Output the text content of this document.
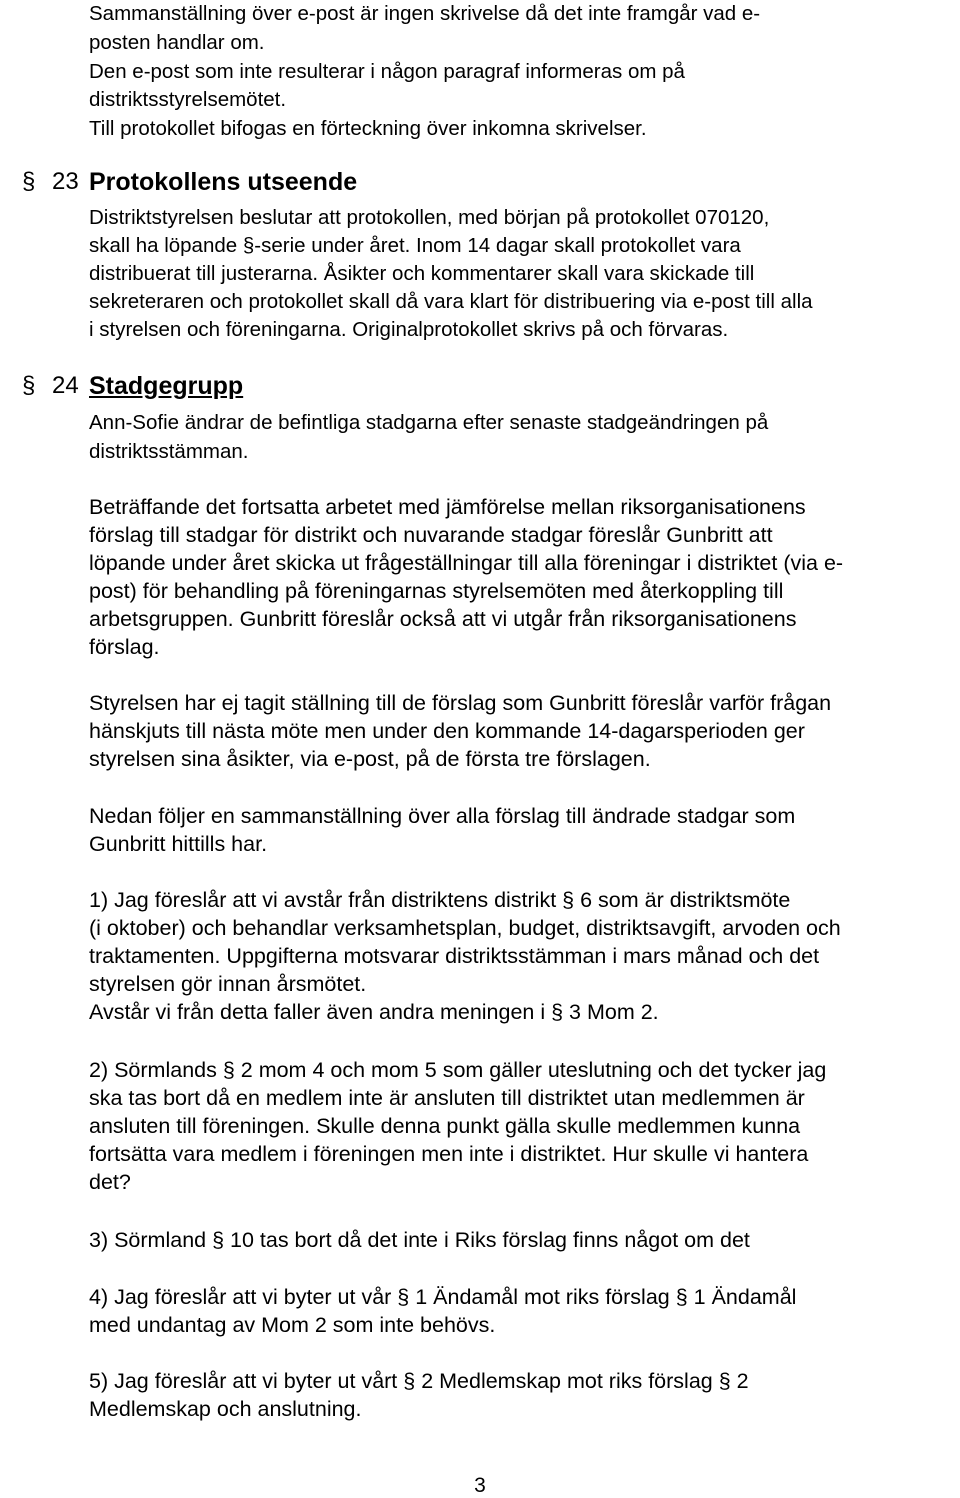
Sammanställning över e-post är ingen skrivelse då det inte framgår vad e-
posten handlar om.
Den e-post som inte resulterar i någon paragraf informeras om på
distriktsstyrelsemötet.
Till protokollet bifogas en förteckning över inkomna skrivelser.
§ 23 Protokollens utseende
Distriktstyrelsen beslutar att protokollen, med början på protokollet 070120,
skall ha löpande §-serie under året. Inom 14 dagar skall protokollet vara
distribuerat till justerarna. Åsikter och kommentarer skall vara skickade till
sekreteraren och protokollet skall då vara klart för distribuering via e-post till alla
i styrelsen och föreningarna. Originalprotokollet skrivs på och förvaras.
§ 24 Stadgegrupp
Ann-Sofie ändrar de befintliga stadgarna efter senaste stadgeändringen på
distriktsstämman.
Beträffande det fortsatta arbetet med jämförelse mellan riksorganisationens
förslag till stadgar för distrikt och nuvarande stadgar föreslår Gunbritt att
löpande under året skicka ut frågeställningar till alla föreningar i distriktet (via e-
post) för behandling på föreningarnas styrelsemöten med återkoppling till
arbetsgruppen. Gunbritt föreslår också att vi utgår från riksorganisationens
förslag.
Styrelsen har ej tagit ställning till de förslag som Gunbritt föreslår varför frågan
hänskjuts till nästa möte men under den kommande 14-dagarsperioden ger
styrelsen sina åsikter, via e-post, på de första tre förslagen.
Nedan följer en sammanställning över alla förslag till ändrade stadgar som
Gunbritt hittills har.
1) Jag föreslår att vi avstår från distriktens distrikt § 6 som är distriktsmöte
(i oktober) och behandlar verksamhetsplan, budget, distriktsavgift, arvoden och
traktamenten. Uppgifterna motsvarar distriktsstämman i mars månad och det
styrelsen gör innan årsmötet.
Avstår vi från detta faller även andra meningen i § 3 Mom 2.
2) Sörmlands § 2 mom 4 och mom 5 som gäller uteslutning och det tycker jag
ska tas bort då en medlem inte är ansluten till distriktet utan medlemmen är
ansluten till föreningen. Skulle denna punkt gälla skulle medlemmen kunna
fortsätta vara medlem i föreningen men inte i distriktet. Hur skulle vi hantera
det?
3) Sörmland § 10 tas bort då det inte i Riks förslag finns något om det
4) Jag föreslår att vi byter ut vår § 1 Ändamål mot riks förslag § 1 Ändamål
med undantag av Mom 2 som inte behövs.
5) Jag föreslår att vi byter ut vårt § 2 Medlemskap mot riks förslag § 2
Medlemskap och anslutning.
3
